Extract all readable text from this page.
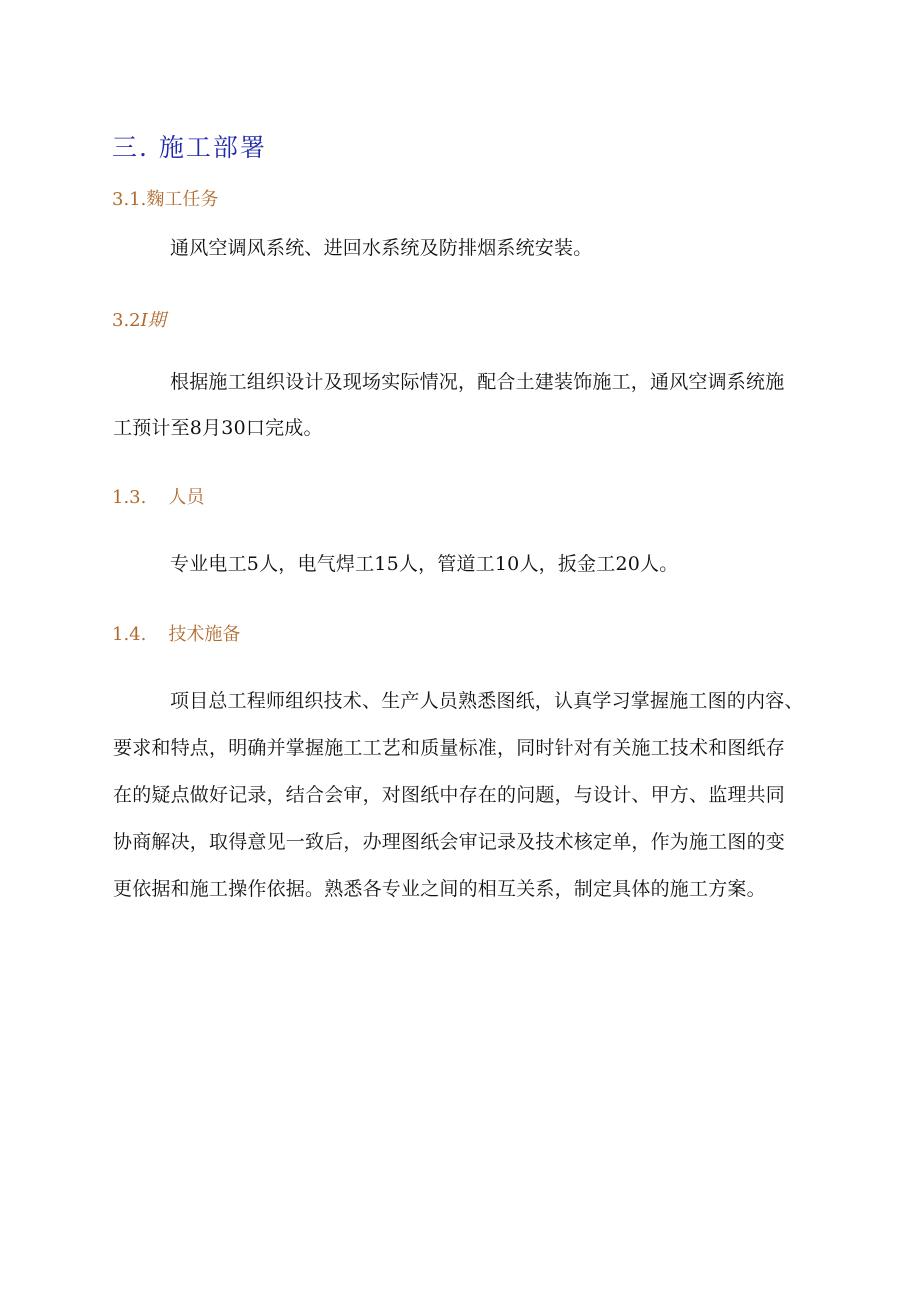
三. 施工部署
3.1.麴工任务
通风空调风系统、进回水系统及防排烟系统安装。
3.2I期
根据施工组织设计及现场实际情况，配合土建装饰施工，通风空调系统施
工预计至8月30口完成。
1.3. 人员
专业电工5人，电气焊工15人，管道工10人，扳金工20人。
1.4. 技术施备
项目总工程师组织技术、生产人员熟悉图纸，认真学习掌握施工图的内容、
要求和特点，明确并掌握施工工艺和质量标准，同时针对有关施工技术和图纸存
在的疑点做好记录，结合会审，对图纸中存在的问题，与设计、甲方、监理共同
协商解决，取得意见一致后，办理图纸会审记录及技术核定单，作为施工图的变
更依据和施工操作依据。熟悉各专业之间的相互关系，制定具体的施工方案。
